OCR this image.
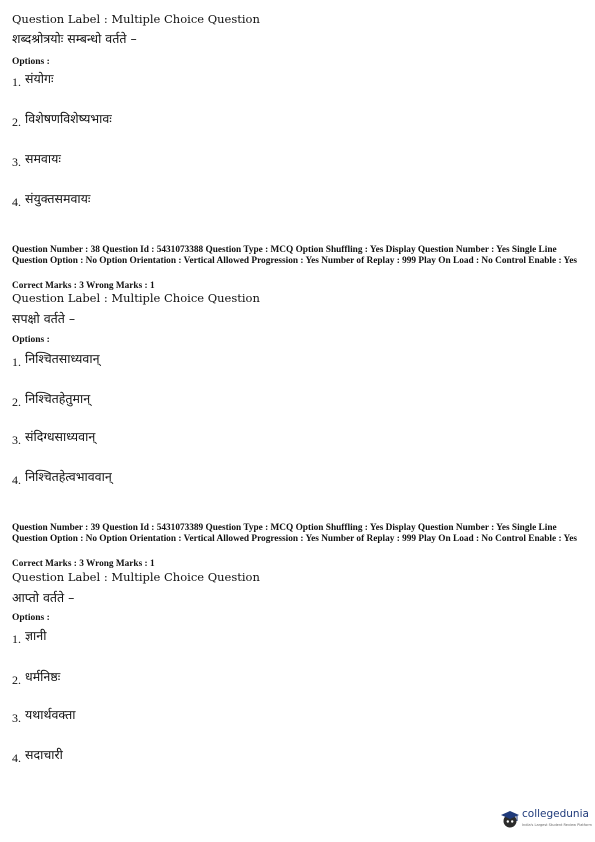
Question Label : Multiple Choice Question
शब्दश्रोत्रयोः सम्बन्धो वर्तते –
Options :
1. संयोगः
2. विशेषणविशेष्यभावः
3. समवायः
4. संयुक्तसमवायः
Question Number : 38 Question Id : 5431073388 Question Type : MCQ Option Shuffling : Yes Display Question Number : Yes Single Line Question Option : No Option Orientation : Vertical Allowed Progression : Yes Number of Replay : 999 Play On Load : No Control Enable : Yes
Correct Marks : 3 Wrong Marks : 1
Question Label : Multiple Choice Question
सपक्षो वर्तते –
Options :
1. निश्चितसाध्यवान्
2. निश्चितहेतुमान्
3. संदिग्धसाध्यवान्
4. निश्चितहेत्वभाववान्
Question Number : 39 Question Id : 5431073389 Question Type : MCQ Option Shuffling : Yes Display Question Number : Yes Single Line Question Option : No Option Orientation : Vertical Allowed Progression : Yes Number of Replay : 999 Play On Load : No Control Enable : Yes
Correct Marks : 3 Wrong Marks : 1
Question Label : Multiple Choice Question
आप्तो वर्तते –
Options :
1. ज्ञानी
2. धर्मनिष्ठः
3. यथार्थवक्ता
4. सदाचारी
collegedunia
India's Largest Student Review Platform
